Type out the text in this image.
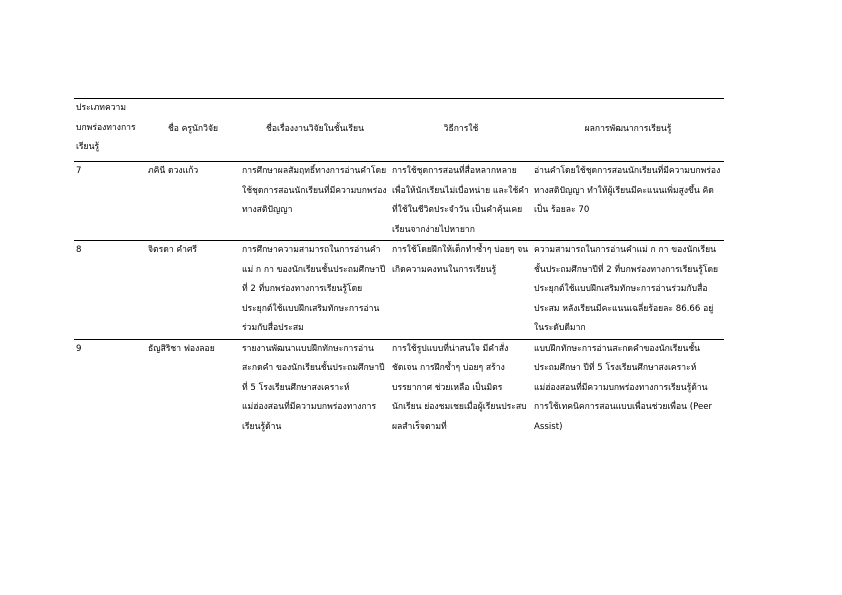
ประเภทความบกพร่องทางการเรียนรู้	ชื่อ ครูนักวิจัย	ชื่อเรื่องงานวิจัยในชั้นเรียน	วิธีการใช้	ผลการพัฒนาการเรียนรู้
7	ภคินี ดวงแก้ว	การศึกษาผลสัมฤทธิ์ทางการอ่านคำโดยใช้ชุดการสอนนักเรียนที่มีความบกพร่องทางสติปัญญา	การใช้ชุดการสอนที่สื่อหลากหลายเพื่อให้นักเรียนไม่เบื่อหน่าย และใช้คำที่ใช้ในชีวิตประจำวัน เป็นคำคุ้นเคย เรียนจากง่ายไปหายาก	อ่านคำโดยใช้ชุดการสอนนักเรียนที่มีความบกพร่องทางสติปัญญา ทำให้ผู้เรียนมีคะแนนเพิ่มสูงขึ้น คิดเป็น ร้อยละ 70
8	จิตรดา คำศรี	การศึกษาความสามารถในการอ่านคำแม่ ก กา ของนักเรียนชั้นประถมศึกษาปีที่ 2 ที่บกพร่องทางการเรียนรู้โดยประยุกต์ใช้แบบฝึกเสริมทักษะการอ่านร่วมกับสื่อประสม	การใช้โดยฝึกให้เด็กทำซ้ำๆ บ่อยๆ จนเกิดความคงทนในการเรียนรู้	ความสามารถในการอ่านคำแม่ ก กา ของนักเรียนชั้นประถมศึกษาปีที่ 2 ที่บกพร่องทางการเรียนรู้โดยประยุกต์ใช้แบบฝึกเสริมทักษะการอ่านร่วมกับสื่อประสม หลังเรียนมีคะแนนเฉลี่ยร้อยละ 86.66 อยู่ในระดับดีมาก
9	ธัญสิริชา ฟองลอย	รายงานพัฒนาแบบฝึกทักษะการอ่านสะกดคำ ของนักเรียนชั้นประถมศึกษาปีที่ 5 โรงเรียนศึกษาสงเคราะห์แม่ฮ่องสอนที่มีความบกพร่องทางการเรียนรู้ด้าน	การใช้รูปแบบที่น่าสนใจ มีคำสั่งชัดเจน การฝึกซ้ำๆ บ่อยๆ สร้างบรรยากาศ ช่วยเหลือ เป็นมิตรนักเรียน ย่องชมเชยเมื่อผู้เรียนประสบผลสำเร็จตามที่	แบบฝึกทักษะการอ่านสะกดคำของนักเรียนชั้นประถมศึกษา ปีที่ 5 โรงเรียนศึกษาสงเคราะห์แม่ฮ่องสอนที่มีความบกพร่องทางการเรียนรู้ด้านการใช้เทคนิคการสอนแบบเพื่อนช่วยเพื่อน (Peer Assist)
